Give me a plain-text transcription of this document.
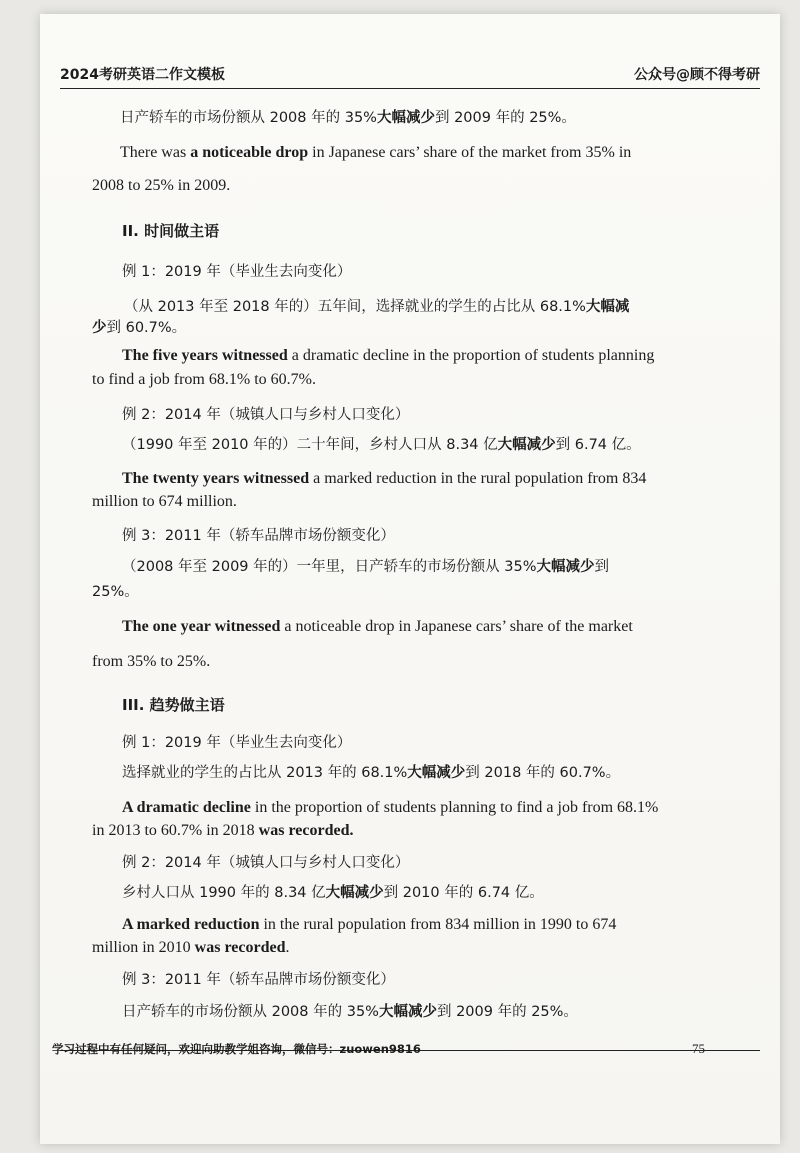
2024考研英语二作文模板	公众号@顾不得考研
日产轿车的市场份额从 2008 年的 35%大幅减少到 2009 年的 25%。
There was a noticeable drop in Japanese cars’ share of the market from 35% in
2008 to 25% in 2009.
II. 时间做主语
例 1：2019 年（毕业生去向变化）
（从 2013 年至 2018 年的）五年间，选择就业的学生的占比从 68.1%大幅减
少到 60.7%。
The five years witnessed a dramatic decline in the proportion of students planning
to find a job from 68.1% to 60.7%.
例 2：2014 年（城镇人口与乡村人口变化）
（1990 年至 2010 年的）二十年间，乡村人口从 8.34 亿大幅减少到 6.74 亿。
The twenty years witnessed a marked reduction in the rural population from 834
million to 674 million.
例 3：2011 年（轿车品牌市场份额变化）
（2008 年至 2009 年的）一年里，日产轿车的市场份额从 35%大幅减少到
25%。
The one year witnessed a noticeable drop in Japanese cars’ share of the market
from 35% to 25%.
III. 趋势做主语
例 1：2019 年（毕业生去向变化）
选择就业的学生的占比从 2013 年的 68.1%大幅减少到 2018 年的 60.7%。
A dramatic decline in the proportion of students planning to find a job from 68.1%
in 2013 to 60.7% in 2018 was recorded.
例 2：2014 年（城镇人口与乡村人口变化）
乡村人口从 1990 年的 8.34 亿大幅减少到 2010 年的 6.74 亿。
A marked reduction in the rural population from 834 million in 1990 to 674
million in 2010 was recorded.
例 3：2011 年（轿车品牌市场份额变化）
日产轿车的市场份额从 2008 年的 35%大幅减少到 2009 年的 25%。
学习过程中有任何疑问，欢迎向助教学姐咨询，微信号：zuowen9816	75
